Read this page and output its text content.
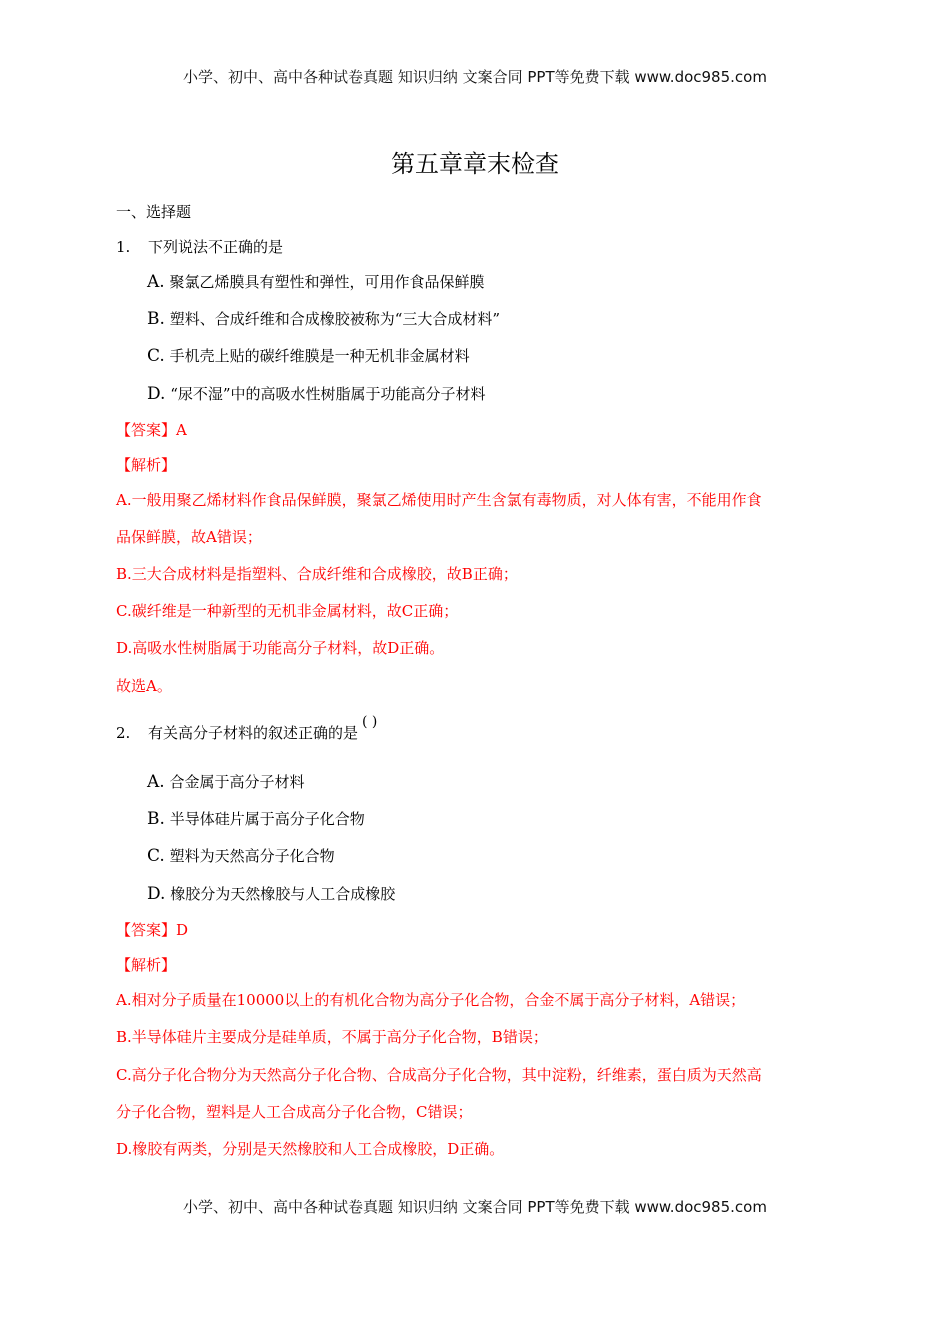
小学、初中、高中各种试卷真题 知识归纳 文案合同 PPT等免费下载 www.doc985.com
第五章章末检查
一、选择题
1. 下列说法不正确的是
A. 聚氯乙烯膜具有塑性和弹性，可用作食品保鲜膜
B. 塑料、合成纤维和合成橡胶被称为“三大合成材料”
C. 手机壳上贴的碳纤维膜是一种无机非金属材料
D. “尿不湿”中的高吸水性树脂属于功能高分子材料
【答案】A
【解析】
A.一般用聚乙烯材料作食品保鲜膜，聚氯乙烯使用时产生含氯有毒物质，对人体有害，不能用作食
品保鲜膜，故A错误；
B.三大合成材料是指塑料、合成纤维和合成橡胶，故B正确；
C.碳纤维是一种新型的无机非金属材料，故C正确；
D.高吸水性树脂属于功能高分子材料，故D正确。
故选A。
2. 有关高分子材料的叙述正确的是( )
A. 合金属于高分子材料
B. 半导体硅片属于高分子化合物
C. 塑料为天然高分子化合物
D. 橡胶分为天然橡胶与人工合成橡胶
【答案】D
【解析】
A.相对分子质量在10000以上的有机化合物为高分子化合物，合金不属于高分子材料，A错误；
B.半导体硅片主要成分是硅单质，不属于高分子化合物，B错误；
C.高分子化合物分为天然高分子化合物、合成高分子化合物，其中淀粉，纤维素，蛋白质为天然高
分子化合物，塑料是人工合成高分子化合物，C错误；
D.橡胶有两类，分别是天然橡胶和人工合成橡胶，D正确。
小学、初中、高中各种试卷真题 知识归纳 文案合同 PPT等免费下载 www.doc985.com
